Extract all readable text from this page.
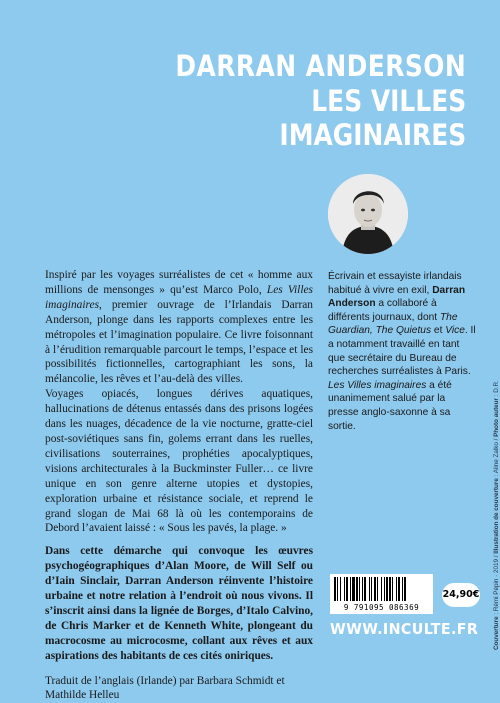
DARRAN ANDERSON
LES VILLES
IMAGINAIRES
Écrivain et essayiste irlandais habitué à vivre en exil, Darran Anderson a collaboré à différents journaux, dont The Guardian, The Quietus et Vice. Il a notamment travaillé en tant que secrétaire du Bureau de recherches surréalistes à Paris. Les Villes imaginaires a été unanimement salué par la presse anglo-saxonne à sa sortie.

Inspiré par les voyages surréalistes de cet « homme aux millions de mensonges » qu’est Marco Polo, Les Villes imaginaires, premier ouvrage de l’Irlandais Darran Anderson, plonge dans les rapports complexes entre les métropoles et l’imagination populaire. Ce livre foisonnant à l’érudition remarquable parcourt le temps, l’espace et les possibilités fictionnelles, cartographiant les sons, la mélancolie, les rêves et l’au-delà des villes.

Voyages opiacés, longues dérives aquatiques, hallucinations de détenus entassés dans des prisons logées dans les nuages, décadence de la vie nocturne, gratte-ciel post-soviétiques sans fin, golems errant dans les ruelles, civilisations souterraines, prophéties apocalyptiques, visions architecturales à la Buckminster Fuller… ce livre unique en son genre alterne utopies et dystopies, exploration urbaine et résistance sociale, et reprend le grand slogan de Mai 68 là où les contemporains de Debord l’avaient laissé : « Sous les pavés, la plage. »

Dans cette démarche qui convoque les œuvres psychogéographiques d’Alan Moore, de Will Self ou d’Iain Sinclair, Darran Anderson réinvente l’histoire urbaine et notre relation à l’endroit où nous vivons. Il s’inscrit ainsi dans la lignée de Borges, d’Italo Calvino, de Chris Marker et de Kenneth White, plongeant du macrocosme au microcosme, collant aux rêves et aux aspirations des habitants de ces cités oniriques.

Traduit de l’anglais (Irlande) par Barbara Schmidt et Mathilde Helleu

9 791095 086369
24,90€
WWW.INCULTE.FR Couverture : Rémi Pépin · 2019 / Illustration de couverture : Aline Zalko / Photo auteur : D.R.
